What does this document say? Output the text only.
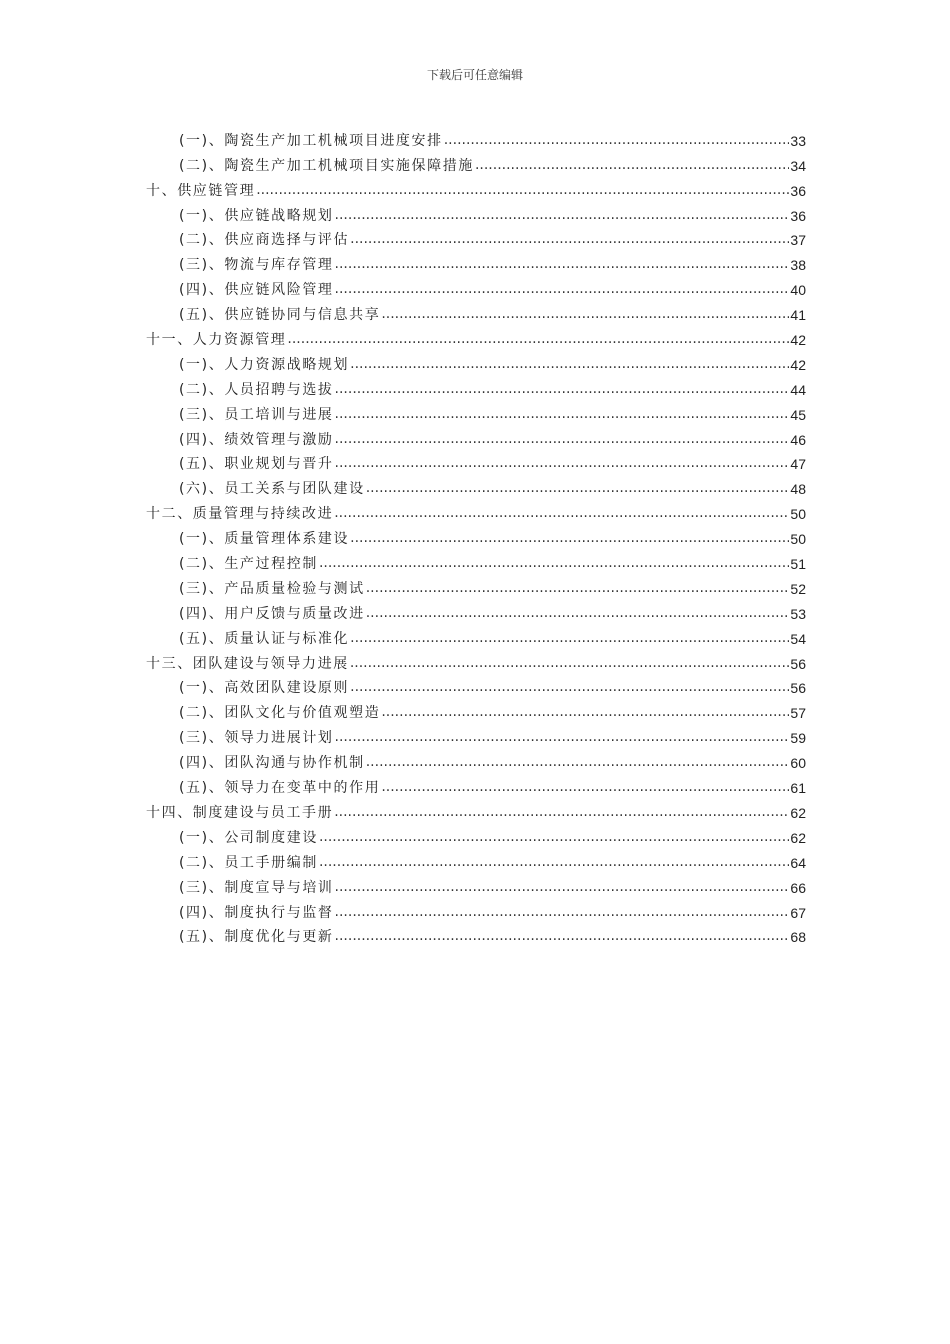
下载后可任意编辑
(一)、陶瓷生产加工机械项目进度安排 .....	33
(二)、陶瓷生产加工机械项目实施保障措施 .....	34
十、供应链管理 .....	36
(一)、供应链战略规划 .....	36
(二)、供应商选择与评估 .....	37
(三)、物流与库存管理 .....	38
(四)、供应链风险管理 .....	40
(五)、供应链协同与信息共享 .....	41
十一、人力资源管理 .....	42
(一)、人力资源战略规划 .....	42
(二)、人员招聘与选拔 .....	44
(三)、员工培训与进展 .....	45
(四)、绩效管理与激励 .....	46
(五)、职业规划与晋升 .....	47
(六)、员工关系与团队建设 .....	48
十二、质量管理与持续改进 .....	50
(一)、质量管理体系建设 .....	50
(二)、生产过程控制 .....	51
(三)、产品质量检验与测试 .....	52
(四)、用户反馈与质量改进 .....	53
(五)、质量认证与标准化 .....	54
十三、团队建设与领导力进展 .....	56
(一)、高效团队建设原则 .....	56
(二)、团队文化与价值观塑造 .....	57
(三)、领导力进展计划 .....	59
(四)、团队沟通与协作机制 .....	60
(五)、领导力在变革中的作用 .....	61
十四、制度建设与员工手册 .....	62
(一)、公司制度建设 .....	62
(二)、员工手册编制 .....	64
(三)、制度宣导与培训 .....	66
(四)、制度执行与监督 .....	67
(五)、制度优化与更新 .....	68
